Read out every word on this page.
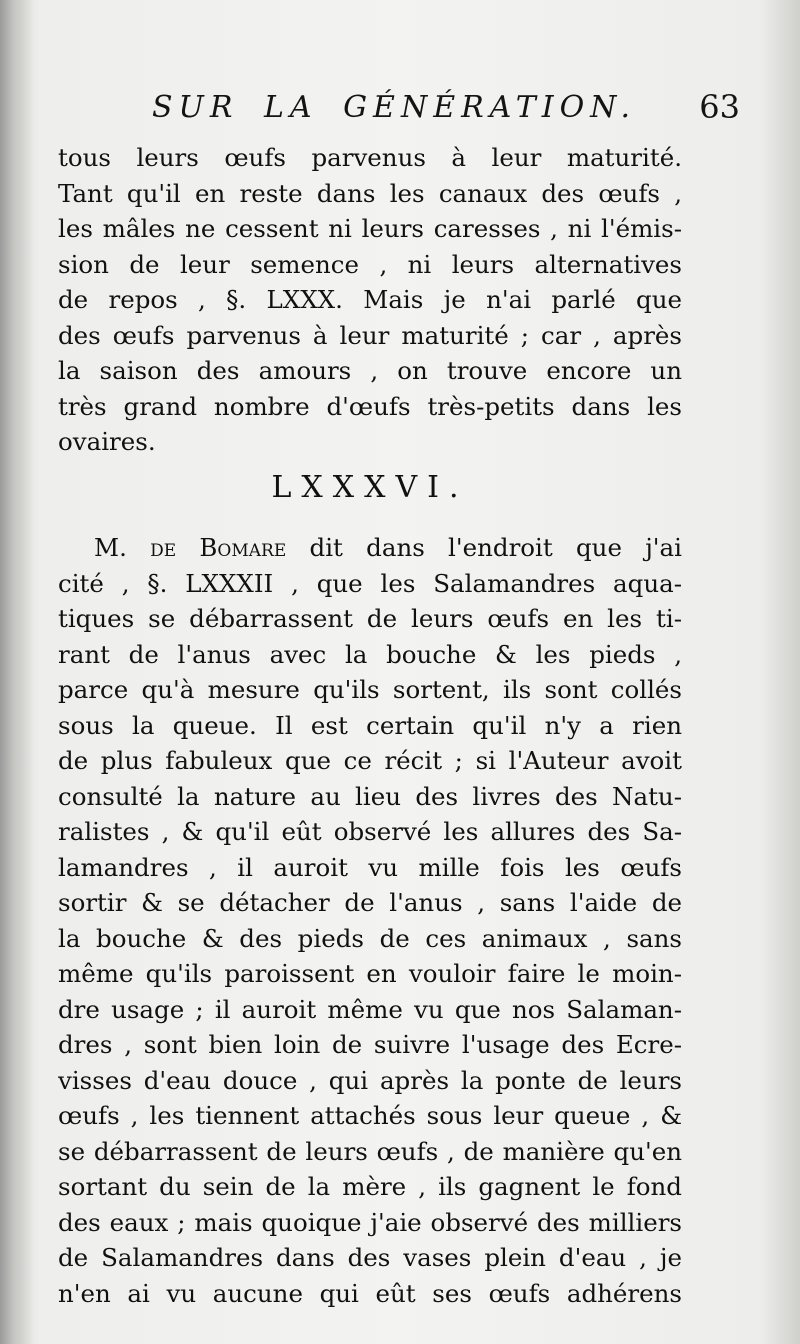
SUR LA GÉNÉRATION. 63
tous leurs œufs parvenus à leur maturité.
Tant qu'il en reste dans les canaux des œufs ,
les mâles ne cessent ni leurs caresses , ni l'émis-
sion de leur semence , ni leurs alternatives
de repos , §. LXXX. Mais je n'ai parlé que
des œufs parvenus à leur maturité ; car , après
la saison des amours , on trouve encore un
très grand nombre d'œufs très-petits dans les
ovaires.
LXXXVI.
M. de Bomare dit dans l'endroit que j'ai
cité , §. LXXXII , que les Salamandres aqua-
tiques se débarrassent de leurs œufs en les ti-
rant de l'anus avec la bouche & les pieds ,
parce qu'à mesure qu'ils sortent, ils sont collés
sous la queue. Il est certain qu'il n'y a rien
de plus fabuleux que ce récit ; si l'Auteur avoit
consulté la nature au lieu des livres des Natu-
ralistes , & qu'il eût observé les allures des Sa-
lamandres , il auroit vu mille fois les œufs
sortir & se détacher de l'anus , sans l'aide de
la bouche & des pieds de ces animaux , sans
même qu'ils paroissent en vouloir faire le moin-
dre usage ; il auroit même vu que nos Salaman-
dres , sont bien loin de suivre l'usage des Ecre-
visses d'eau douce , qui après la ponte de leurs
œufs , les tiennent attachés sous leur queue , &
se débarrassent de leurs œufs , de manière qu'en
sortant du sein de la mère , ils gagnent le fond
des eaux ; mais quoique j'aie observé des milliers
de Salamandres dans des vases plein d'eau , je
n'en ai vu aucune qui eût ses œufs adhérens
